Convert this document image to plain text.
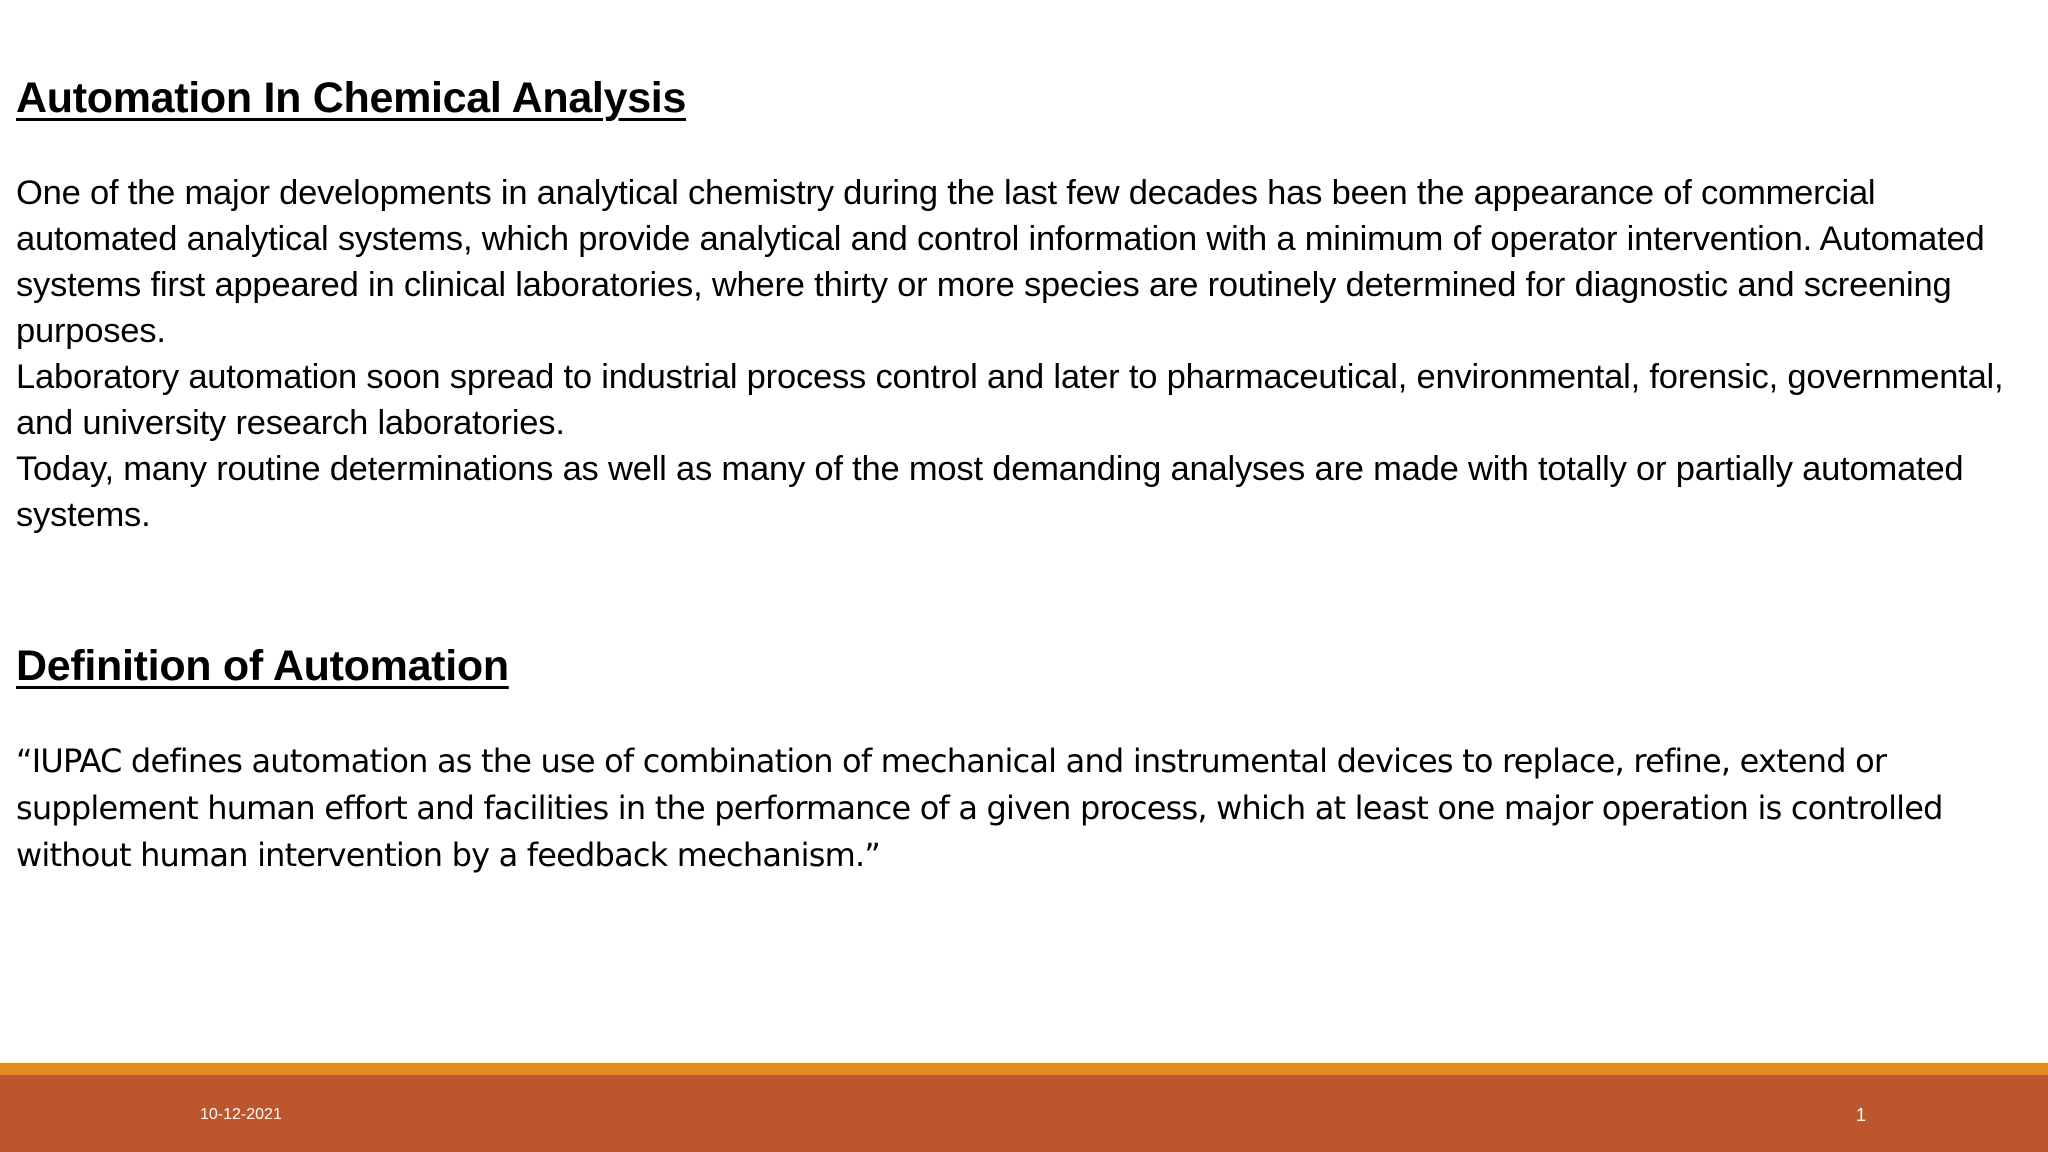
Automation In Chemical Analysis

One of the major developments in analytical chemistry during the last few decades has been the appearance of commercial automated analytical systems, which provide analytical and control information with a minimum of operator intervention. Automated systems first appeared in clinical laboratories, where thirty or more species are routinely determined for diagnostic and screening purposes.

Laboratory automation soon spread to industrial process control and later to pharmaceutical, environmental, forensic, governmental, and university research laboratories.

Today, many routine determinations as well as many of the most demanding analyses are made with totally or partially automated systems.

Definition of Automation

“IUPAC defines automation as the use of combination of mechanical and instrumental devices to replace, refine, extend or supplement human effort and facilities in the performance of a given process, which at least one major operation is controlled without human intervention by a feedback mechanism.”

10-12-2021	1
